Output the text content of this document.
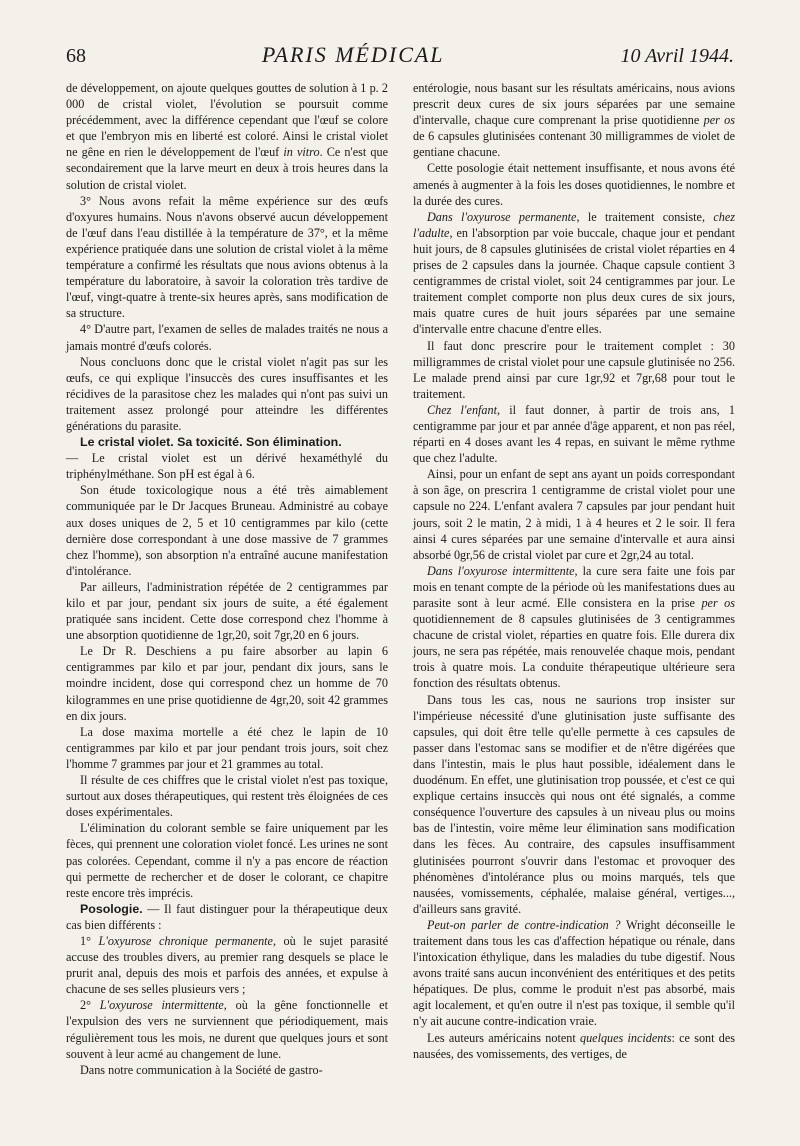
68	PARIS MÉDICAL	10 Avril 1944.

de développement, on ajoute quelques gouttes de solution à 1 p. 2 000 de cristal violet, l'évolution se poursuit comme précédemment, avec la différence cependant que l'œuf se colore et que l'embryon mis en liberté est coloré. Ainsi le cristal violet ne gêne en rien le développement de l'œuf in vitro. Ce n'est que secondairement que la larve meurt en deux à trois heures dans la solution de cristal violet.

3° Nous avons refait la même expérience sur des œufs d'oxyures humains. Nous n'avons observé aucun développement de l'œuf dans l'eau distillée à la température de 37°, et la même expérience pratiquée dans une solution de cristal violet à la même température a confirmé les résultats que nous avions obtenus à la température du laboratoire, à savoir la coloration très tardive de l'œuf, vingt-quatre à trente-six heures après, sans modification de sa structure.

4° D'autre part, l'examen de selles de malades traités ne nous a jamais montré d'œufs colorés.

Nous concluons donc que le cristal violet n'agit pas sur les œufs, ce qui explique l'insuccès des cures insuffisantes et les récidives de la parasitose chez les malades qui n'ont pas suivi un traitement assez prolongé pour atteindre les différentes générations du parasite.

Le cristal violet. Sa toxicité. Son élimination.

— Le cristal violet est un dérivé hexaméthylé du triphénylméthane. Son pH est égal à 6.

Son étude toxicologique nous a été très aimablement communiquée par le Dr Jacques Bruneau. Administré au cobaye aux doses uniques de 2, 5 et 10 centigrammes par kilo (cette dernière dose correspondant à une dose massive de 7 grammes chez l'homme), son absorption n'a entraîné aucune manifestation d'intolérance.

Par ailleurs, l'administration répétée de 2 centigrammes par kilo et par jour, pendant six jours de suite, a été également pratiquée sans incident. Cette dose correspond chez l'homme à une absorption quotidienne de 1gr,20, soit 7gr,20 en 6 jours.

Le Dr R. Deschiens a pu faire absorber au lapin 6 centigrammes par kilo et par jour, pendant dix jours, sans le moindre incident, dose qui correspond chez un homme de 70 kilogrammes en une prise quotidienne de 4gr,20, soit 42 grammes en dix jours.

La dose maxima mortelle a été chez le lapin de 10 centigrammes par kilo et par jour pendant trois jours, soit chez l'homme 7 grammes par jour et 21 grammes au total.

Il résulte de ces chiffres que le cristal violet n'est pas toxique, surtout aux doses thérapeutiques, qui restent très éloignées de ces doses expérimentales.

L'élimination du colorant semble se faire uniquement par les fèces, qui prennent une coloration violet foncé. Les urines ne sont pas colorées. Cependant, comme il n'y a pas encore de réaction qui permette de rechercher et de doser le colorant, ce chapitre reste encore très imprécis.

Posologie. — Il faut distinguer pour la thérapeutique deux cas bien différents :

1° L'oxyurose chronique permanente, où le sujet parasité accuse des troubles divers, au premier rang desquels se place le prurit anal, depuis des mois et parfois des années, et expulse à chacune de ses selles plusieurs vers ;

2° L'oxyurose intermittente, où la gêne fonctionnelle et l'expulsion des vers ne surviennent que périodiquement, mais régulièrement tous les mois, ne durent que quelques jours et sont souvent à leur acmé au changement de lune.

Dans notre communication à la Société de gastro-

entérologie, nous basant sur les résultats américains, nous avions prescrit deux cures de six jours séparées par une semaine d'intervalle, chaque cure comprenant la prise quotidienne per os de 6 capsules glutinisées contenant 30 milligrammes de violet de gentiane chacune.

Cette posologie était nettement insuffisante, et nous avons été amenés à augmenter à la fois les doses quotidiennes, le nombre et la durée des cures.

Dans l'oxyurose permanente, le traitement consiste, chez l'adulte, en l'absorption par voie buccale, chaque jour et pendant huit jours, de 8 capsules glutinisées de cristal violet réparties en 4 prises de 2 capsules dans la journée. Chaque capsule contient 3 centigrammes de cristal violet, soit 24 centigrammes par jour. Le traitement complet comporte non plus deux cures de six jours, mais quatre cures de huit jours séparées par une semaine d'intervalle entre chacune d'entre elles.

Il faut donc prescrire pour le traitement complet : 30 milligrammes de cristal violet pour une capsule glutinisée no 256. Le malade prend ainsi par cure 1gr,92 et 7gr,68 pour tout le traitement.

Chez l'enfant, il faut donner, à partir de trois ans, 1 centigramme par jour et par année d'âge apparent, et non pas réel, réparti en 4 doses avant les 4 repas, en suivant le même rythme que chez l'adulte.

Ainsi, pour un enfant de sept ans ayant un poids correspondant à son âge, on prescrira 1 centigramme de cristal violet pour une capsule no 224. L'enfant avalera 7 capsules par jour pendant huit jours, soit 2 le matin, 2 à midi, 1 à 4 heures et 2 le soir. Il fera ainsi 4 cures séparées par une semaine d'intervalle et aura ainsi absorbé 0gr,56 de cristal violet par cure et 2gr,24 au total.

Dans l'oxyurose intermittente, la cure sera faite une fois par mois en tenant compte de la période où les manifestations dues au parasite sont à leur acmé. Elle consistera en la prise per os quotidiennement de 8 capsules glutinisées de 3 centigrammes chacune de cristal violet, réparties en quatre fois. Elle durera dix jours, ne sera pas répétée, mais renouvelée chaque mois, pendant trois à quatre mois. La conduite thérapeutique ultérieure sera fonction des résultats obtenus.

Dans tous les cas, nous ne saurions trop insister sur l'impérieuse nécessité d'une glutinisation juste suffisante des capsules, qui doit être telle qu'elle permette à ces capsules de passer dans l'estomac sans se modifier et de n'être digérées que dans l'intestin, mais le plus haut possible, idéalement dans le duodénum. En effet, une glutinisation trop poussée, et c'est ce qui explique certains insuccès qui nous ont été signalés, a comme conséquence l'ouverture des capsules à un niveau plus ou moins bas de l'intestin, voire même leur élimination sans modification dans les fèces. Au contraire, des capsules insuffisamment glutinisées pourront s'ouvrir dans l'estomac et provoquer des phénomènes d'intolérance plus ou moins marqués, tels que nausées, vomissements, céphalée, malaise général, vertiges..., d'ailleurs sans gravité.

Peut-on parler de contre-indication ? Wright déconseille le traitement dans tous les cas d'affection hépatique ou rénale, dans l'intoxication éthylique, dans les maladies du tube digestif. Nous avons traité sans aucun inconvénient des entéritiques et des petits hépatiques. De plus, comme le produit n'est pas absorbé, mais agit localement, et qu'en outre il n'est pas toxique, il semble qu'il n'y ait aucune contre-indication vraie.

Les auteurs américains notent quelques incidents: ce sont des nausées, des vomissements, des vertiges, de
